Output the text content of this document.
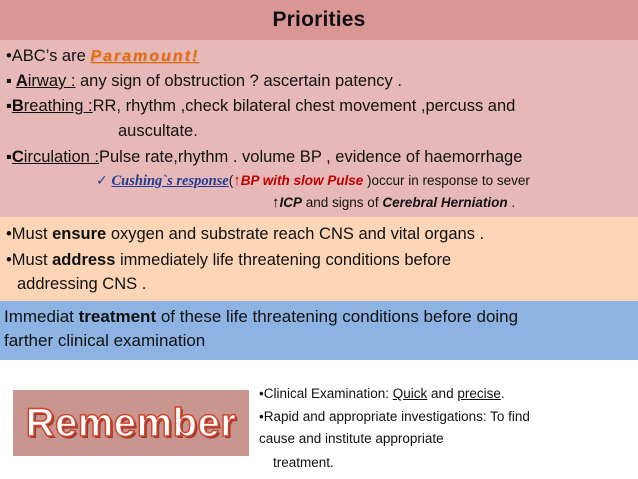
Priorities
•ABC’s are Paramount!
▪ Airway : any sign of obstruction ? ascertain patency .
▪Breathing :RR, rhythm ,check bilateral chest movement ,percuss and
auscultate.
▪Circulation :Pulse rate,rhythm . volume BP , evidence of haemorrhage
✓ Cushing`s response(↑BP with slow Pulse )occur in response to sever
↑ICP and signs of Cerebral Herniation .
•Must ensure oxygen and substrate reach CNS and vital organs .
•Must address immediately life threatening conditions before
addressing CNS .
Immediat treatment of these life threatening conditions before doing
farther clinical examination
Remember
•Clinical Examination: Quick and precise.
•Rapid and appropriate investigations: To find
cause and institute appropriate
treatment.
